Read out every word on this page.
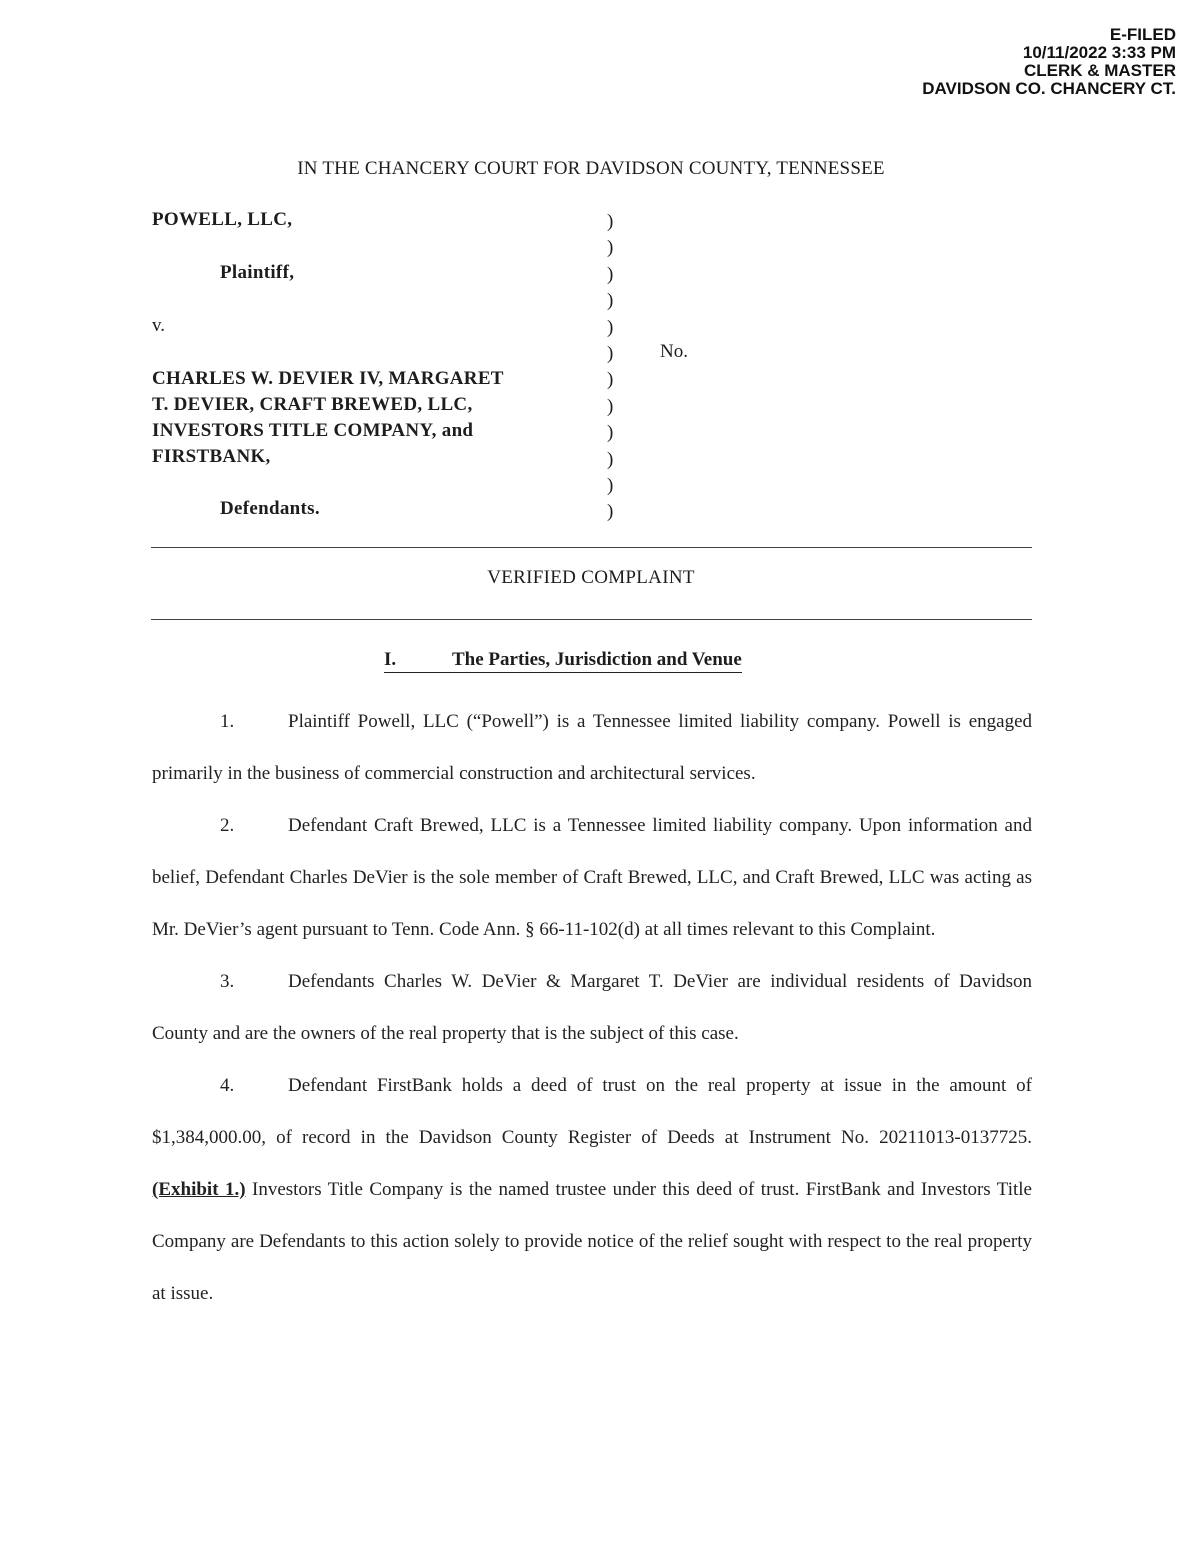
E-FILED
10/11/2022 3:33 PM
CLERK & MASTER
DAVIDSON CO. CHANCERY CT.
IN THE CHANCERY COURT FOR DAVIDSON COUNTY, TENNESSEE
POWELL, LLC,
Plaintiff,
v.
CHARLES W. DEVIER IV, MARGARET
T. DEVIER, CRAFT BREWED, LLC,
INVESTORS TITLE COMPANY, and
FIRSTBANK,
Defendants.
)
)
)
)
)
)
)
)
)
)
)
)
No.
VERIFIED COMPLAINT
I.	The Parties, Jurisdiction and Venue

1.	Plaintiff Powell, LLC (“Powell”) is a Tennessee limited liability company. Powell is engaged primarily in the business of commercial construction and architectural services.

2.	Defendant Craft Brewed, LLC is a Tennessee limited liability company. Upon information and belief, Defendant Charles DeVier is the sole member of Craft Brewed, LLC, and Craft Brewed, LLC was acting as Mr. DeVier’s agent pursuant to Tenn. Code Ann. § 66-11-102(d) at all times relevant to this Complaint.

3.	Defendants Charles W. DeVier & Margaret T. DeVier are individual residents of Davidson County and are the owners of the real property that is the subject of this case.

4.	Defendant FirstBank holds a deed of trust on the real property at issue in the amount of $1,384,000.00, of record in the Davidson County Register of Deeds at Instrument No. 20211013-0137725. (Exhibit 1.) Investors Title Company is the named trustee under this deed of trust. FirstBank and Investors Title Company are Defendants to this action solely to provide notice of the relief sought with respect to the real property at issue.
